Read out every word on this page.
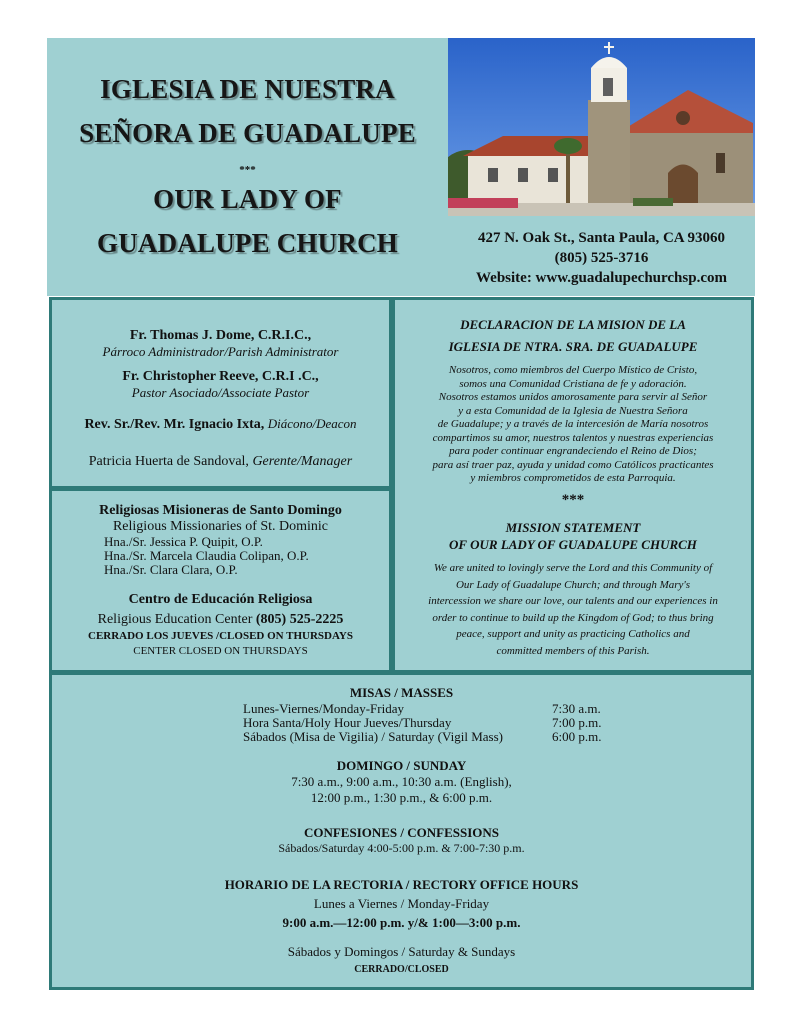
IGLESIA DE NUESTRA
SEÑORA DE GUADALUPE
***
OUR LADY OF
GUADALUPE CHURCH	427 N. Oak St., Santa Paula, CA 93060
(805) 525-3716
Website: www.guadalupechurchsp.com
Fr. Thomas J. Dome, C.R.I.C.,
Párroco Administrador/Parish Administrator
Fr. Christopher Reeve, C.R.I .C.,
Pastor Asociado/Associate Pastor
Rev. Sr./Rev. Mr. Ignacio Ixta, Diácono/Deacon
Patricia Huerta de Sandoval, Gerente/Manager
Religiosas Misioneras de Santo Domingo
Religious Missionaries of St. Dominic
Hna./Sr. Jessica P. Quipit, O.P.
Hna./Sr. Marcela Claudia Colipan, O.P.
Hna./Sr. Clara Clara, O.P.
Centro de Educación Religiosa
Religious Education Center (805) 525-2225
CERRADO LOS JUEVES /CLOSED ON THURSDAYS
CENTER CLOSED ON THURSDAYS
DECLARACION DE LA MISION DE LA
IGLESIA DE NTRA. SRA. DE GUADALUPE
Nosotros, como miembros del Cuerpo Místico de Cristo,
somos una Comunidad Cristiana de fe y adoración.
Nosotros estamos unidos amorosamente para servir al Señor
y a esta Comunidad de la Iglesia de Nuestra Señora
de Guadalupe; y a través de la intercesión de María nosotros
compartimos su amor, nuestros talentos y nuestras experiencias
para poder continuar engrandeciendo el Reino de Dios;
para así traer paz, ayuda y unidad como Católicos practicantes
y miembros comprometidos de esta Parroquia.
***
MISSION STATEMENT
OF OUR LADY OF GUADALUPE CHURCH
We are united to lovingly serve the Lord and this Community of
Our Lady of Guadalupe Church; and through Mary's
intercession we share our love, our talents and our experiences in
order to continue to build up the Kingdom of God; to thus bring
peace, support and unity as practicing Catholics and
committed members of this Parish.
MISAS / MASSES
Lunes-Viernes/Monday-Friday	7:30 a.m.
Hora Santa/Holy Hour Jueves/Thursday	7:00 p.m.
Sábados (Misa de Vigilia) / Saturday (Vigil Mass)	6:00 p.m.
DOMINGO / SUNDAY
7:30 a.m., 9:00 a.m., 10:30 a.m. (English),
12:00 p.m., 1:30 p.m., & 6:00 p.m.
CONFESIONES / CONFESSIONS
Sábados/Saturday 4:00-5:00 p.m. & 7:00-7:30 p.m.
HORARIO DE LA RECTORIA / RECTORY OFFICE HOURS
Lunes a Viernes / Monday-Friday
9:00 a.m.—12:00 p.m. y/& 1:00—3:00 p.m.
Sábados y Domingos / Saturday & Sundays
CERRADO/CLOSED
